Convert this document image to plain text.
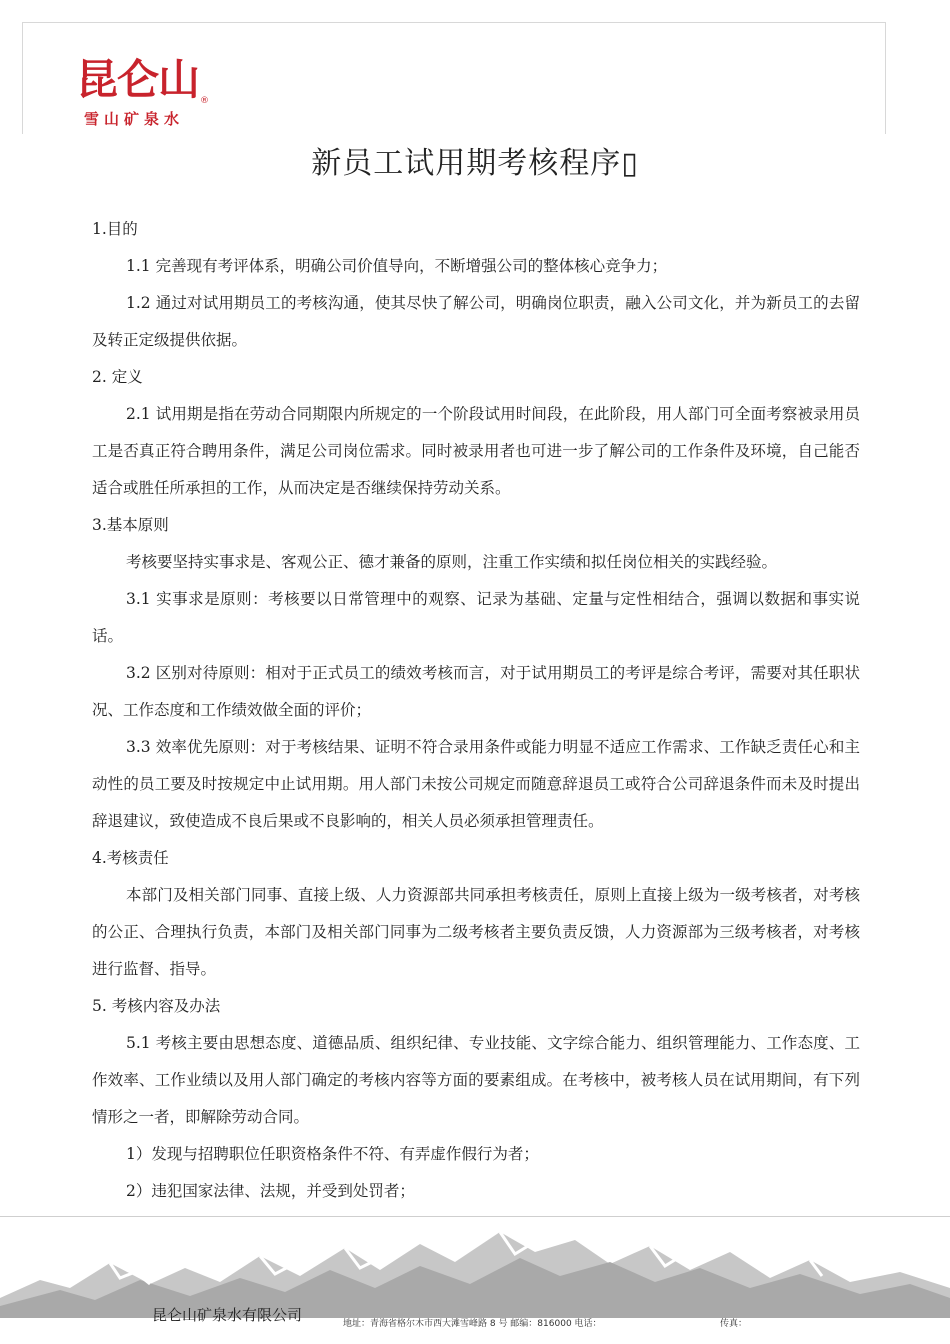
昆仑山 ®
雪山矿泉水
新员工试用期考核程序▯

1.目的

1.1 完善现有考评体系，明确公司价值导向，不断增强公司的整体核心竞争力；

1.2 通过对试用期员工的考核沟通，使其尽快了解公司，明确岗位职责，融入公司文化，并为新员工的去留及转正定级提供依据。

2. 定义

2.1 试用期是指在劳动合同期限内所规定的一个阶段试用时间段，在此阶段，用人部门可全面考察被录用员工是否真正符合聘用条件，满足公司岗位需求。同时被录用者也可进一步了解公司的工作条件及环境，自己能否适合或胜任所承担的工作，从而决定是否继续保持劳动关系。

3.基本原则

考核要坚持实事求是、客观公正、德才兼备的原则，注重工作实绩和拟任岗位相关的实践经验。

3.1 实事求是原则：考核要以日常管理中的观察、记录为基础、定量与定性相结合，强调以数据和事实说话。

3.2 区别对待原则：相对于正式员工的绩效考核而言，对于试用期员工的考评是综合考评，需要对其任职状况、工作态度和工作绩效做全面的评价；

3.3 效率优先原则：对于考核结果、证明不符合录用条件或能力明显不适应工作需求、工作缺乏责任心和主动性的员工要及时按规定中止试用期。用人部门未按公司规定而随意辞退员工或符合公司辞退条件而未及时提出辞退建议，致使造成不良后果或不良影响的，相关人员必须承担管理责任。

4.考核责任

本部门及相关部门同事、直接上级、人力资源部共同承担考核责任，原则上直接上级为一级考核者，对考核的公正、合理执行负责，本部门及相关部门同事为二级考核者主要负责反馈，人力资源部为三级考核者，对考核进行监督、指导。

5. 考核内容及办法

5.1 考核主要由思想态度、道德品质、组织纪律、专业技能、文字综合能力、组织管理能力、工作态度、工作效率、工作业绩以及用人部门确定的考核内容等方面的要素组成。在考核中，被考核人员在试用期间，有下列情形之一者，即解除劳动合同。

1）发现与招聘职位任职资格条件不符、有弄虚作假行为者；

2）违犯国家法律、法规，并受到处罚者；

昆仑山矿泉水有限公司	地址：青海省格尔木市西大滩雪峰路 8 号 邮编：816000 电话：	传真：
